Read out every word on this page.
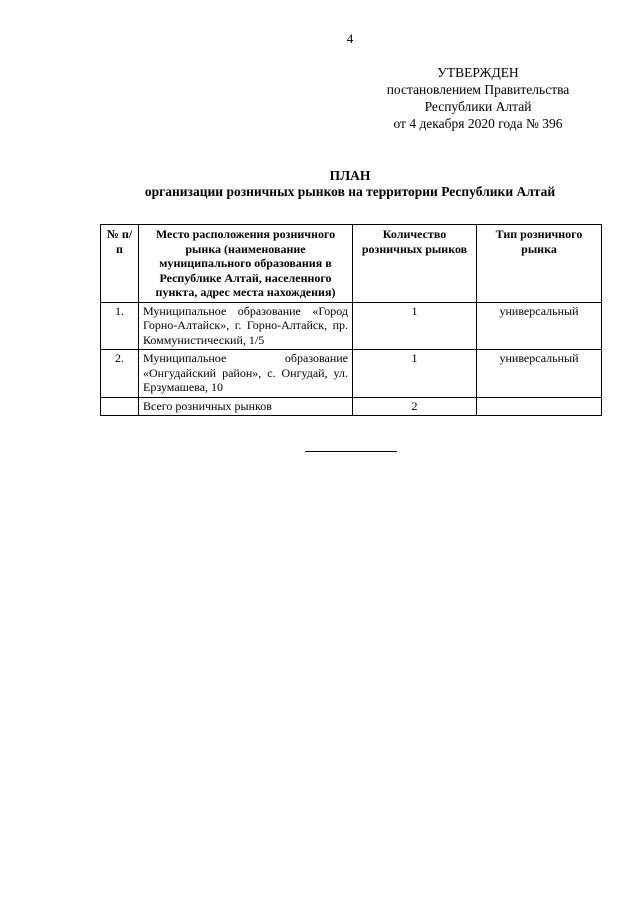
4
УТВЕРЖДЕН
постановлением Правительства
Республики Алтай
от 4 декабря 2020 года № 396
ПЛАН
организации розничных рынков на территории Республики Алтай
№ п/п	Место расположения розничного рынка (наименование муниципального образования в Республике Алтай, населенного пункта, адрес места нахождения)	Количество розничных рынков	Тип розничного рынка
1.	Муниципальное образование «Город Горно-Алтайск», г. Горно-Алтайск, пр. Коммунистический, 1/5	1	универсальный
2.	Муниципальное образование «Онгудайский район», с. Онгудай, ул. Ерзумашева, 10	1	универсальный
	Всего розничных рынков	2	
